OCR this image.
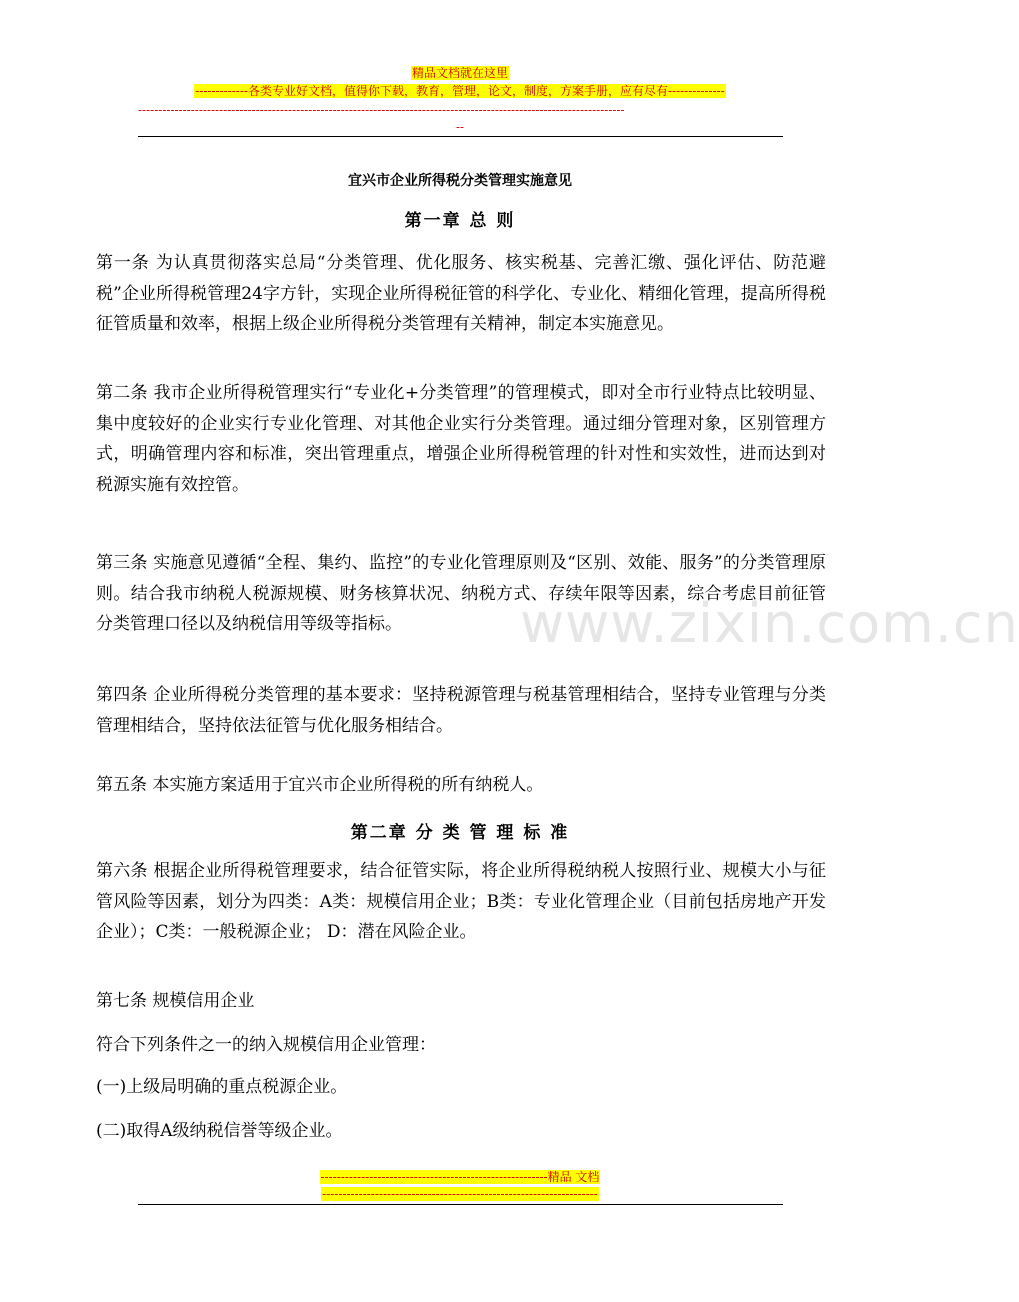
精品文档就在这里
-------------各类专业好文档，值得你下载，教育，管理，论文，制度，方案手册，应有尽有--------------
------------------------------------------------------------------------------------------------------------------------
--
www.zixin.com.cn
宜兴市企业所得税分类管理实施意见
第一章 总 则

第一条 为认真贯彻落实总局“分类管理、优化服务、核实税基、完善汇缴、强化评估、防范避税”企业所得税管理24字方针，实现企业所得税征管的科学化、专业化、精细化管理，提高所得税征管质量和效率，根据上级企业所得税分类管理有关精神，制定本实施意见。

第二条 我市企业所得税管理实行“专业化+分类管理”的管理模式，即对全市行业特点比较明显、集中度较好的企业实行专业化管理、对其他企业实行分类管理。通过细分管理对象，区别管理方式，明确管理内容和标准，突出管理重点，增强企业所得税管理的针对性和实效性，进而达到对税源实施有效控管。

第三条 实施意见遵循“全程、集约、监控”的专业化管理原则及“区别、效能、服务”的分类管理原则。结合我市纳税人税源规模、财务核算状况、纳税方式、存续年限等因素，综合考虑目前征管分类管理口径以及纳税信用等级等指标。

第四条 企业所得税分类管理的基本要求：坚持税源管理与税基管理相结合，坚持专业管理与分类管理相结合，坚持依法征管与优化服务相结合。

第五条 本实施方案适用于宜兴市企业所得税的所有纳税人。

第二章 分 类 管 理 标 准

第六条 根据企业所得税管理要求，结合征管实际，将企业所得税纳税人按照行业、规模大小与征管风险等因素，划分为四类：A类：规模信用企业；B类：专业化管理企业（目前包括房地产开发企业）；C类：一般税源企业； D：潜在风险企业。

第七条 规模信用企业

符合下列条件之一的纳入规模信用企业管理：

(一)上级局明确的重点税源企业。

(二)取得A级纳税信誉等级企业。

--------------------------------------------------------精品 文档
--------------------------------------------------------------------
